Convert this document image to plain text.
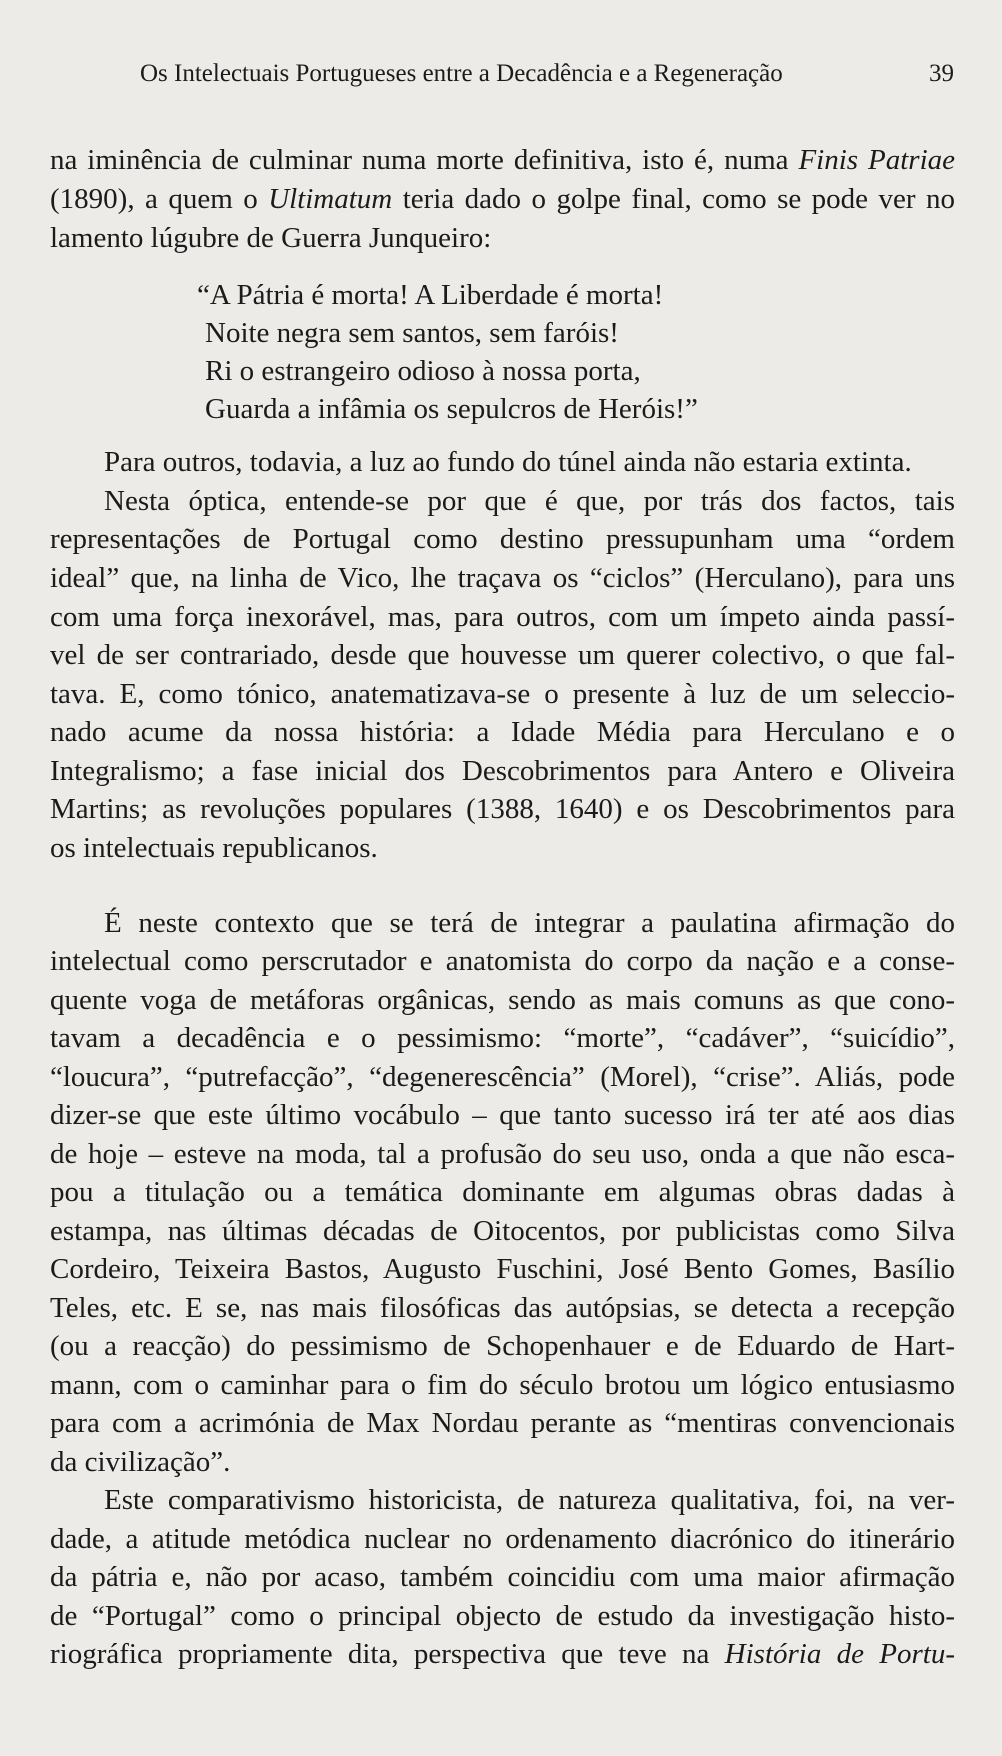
Os Intelectuais Portugueses entre a Decadência e a Regeneração	39
na iminência de culminar numa morte definitiva, isto é, numa Finis Patriae
(1890), a quem o Ultimatum teria dado o golpe final, como se pode ver no
lamento lúgubre de Guerra Junqueiro:
“A Pátria é morta! A Liberdade é morta!
Noite negra sem santos, sem faróis!
Ri o estrangeiro odioso à nossa porta,
Guarda a infâmia os sepulcros de Heróis!”
Para outros, todavia, a luz ao fundo do túnel ainda não estaria extinta.
Nesta óptica, entende-se por que é que, por trás dos factos, tais
representações de Portugal como destino pressupunham uma “ordem
ideal” que, na linha de Vico, lhe traçava os “ciclos” (Herculano), para uns
com uma força inexorável, mas, para outros, com um ímpeto ainda passí-
vel de ser contrariado, desde que houvesse um querer colectivo, o que fal-
tava. E, como tónico, anatematizava-se o presente à luz de um seleccio-
nado acume da nossa história: a Idade Média para Herculano e o
Integralismo; a fase inicial dos Descobrimentos para Antero e Oliveira
Martins; as revoluções populares (1388, 1640) e os Descobrimentos para
os intelectuais republicanos.
É neste contexto que se terá de integrar a paulatina afirmação do
intelectual como perscrutador e anatomista do corpo da nação e a conse-
quente voga de metáforas orgânicas, sendo as mais comuns as que cono-
tavam a decadência e o pessimismo: “morte”, “cadáver”, “suicídio”,
“loucura”, “putrefacção”, “degenerescência” (Morel), “crise”. Aliás, pode
dizer-se que este último vocábulo – que tanto sucesso irá ter até aos dias
de hoje – esteve na moda, tal a profusão do seu uso, onda a que não esca-
pou a titulação ou a temática dominante em algumas obras dadas à
estampa, nas últimas décadas de Oitocentos, por publicistas como Silva
Cordeiro, Teixeira Bastos, Augusto Fuschini, José Bento Gomes, Basílio
Teles, etc. E se, nas mais filosóficas das autópsias, se detecta a recepção
(ou a reacção) do pessimismo de Schopenhauer e de Eduardo de Hart-
mann, com o caminhar para o fim do século brotou um lógico entusiasmo
para com a acrimónia de Max Nordau perante as “mentiras convencionais
da civilização”.
Este comparativismo historicista, de natureza qualitativa, foi, na ver-
dade, a atitude metódica nuclear no ordenamento diacrónico do itinerário
da pátria e, não por acaso, também coincidiu com uma maior afirmação
de “Portugal” como o principal objecto de estudo da investigação histo-
riográfica propriamente dita, perspectiva que teve na História de Portu-
